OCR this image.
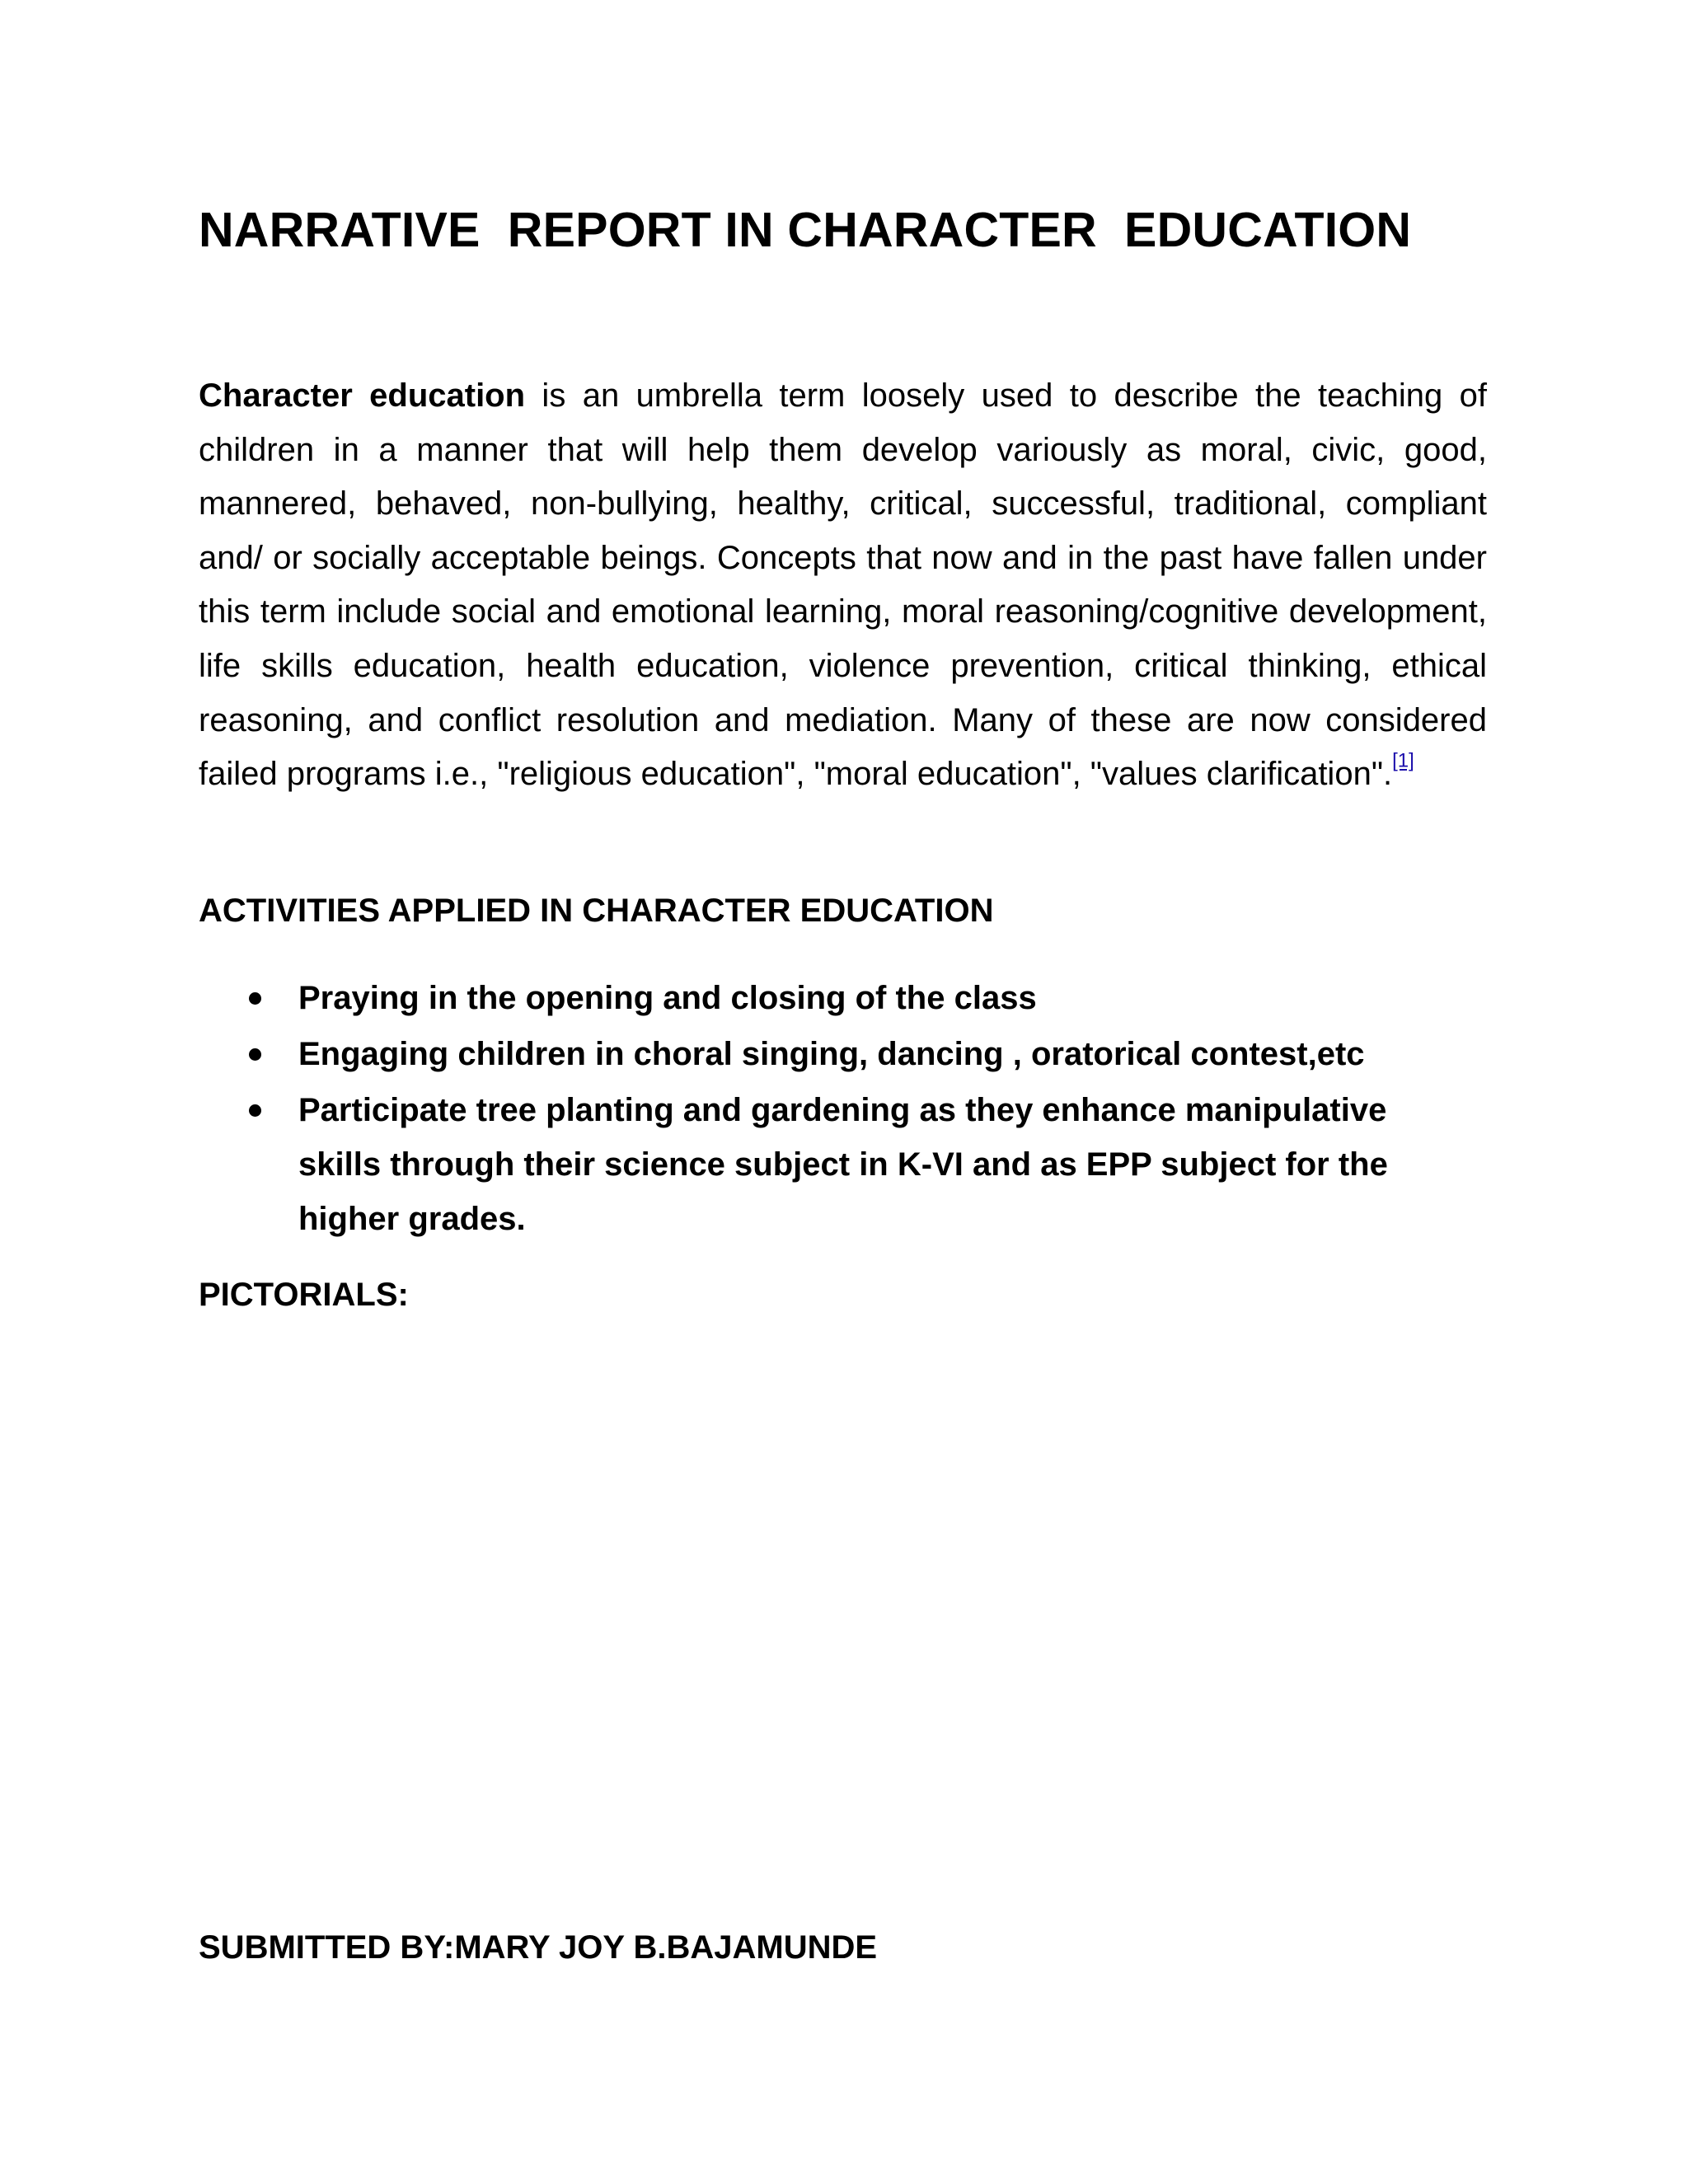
NARRATIVE  REPORT IN CHARACTER  EDUCATION

Character education is an umbrella term loosely used to describe the teaching of children in a manner that will help them develop variously as moral, civic, good, mannered, behaved, non-bullying, healthy, critical, successful, traditional, compliant and/ or socially acceptable beings. Concepts that now and in the past have fallen under this term include social and emotional learning, moral reasoning/cognitive development, life skills education, health education, violence prevention, critical thinking, ethical reasoning, and conflict resolution and mediation. Many of these are now considered failed programs i.e., "religious education", "moral education", "values clarification".[1]

ACTIVITIES APPLIED IN CHARACTER EDUCATION
Praying in the opening and closing of the class
Engaging children in choral singing, dancing , oratorical contest,etc
Participate tree planting and gardening as they enhance manipulative skills through their science subject in K-VI and as EPP subject for the higher grades.
PICTORIALS:
SUBMITTED BY:MARY JOY B.BAJAMUNDE
